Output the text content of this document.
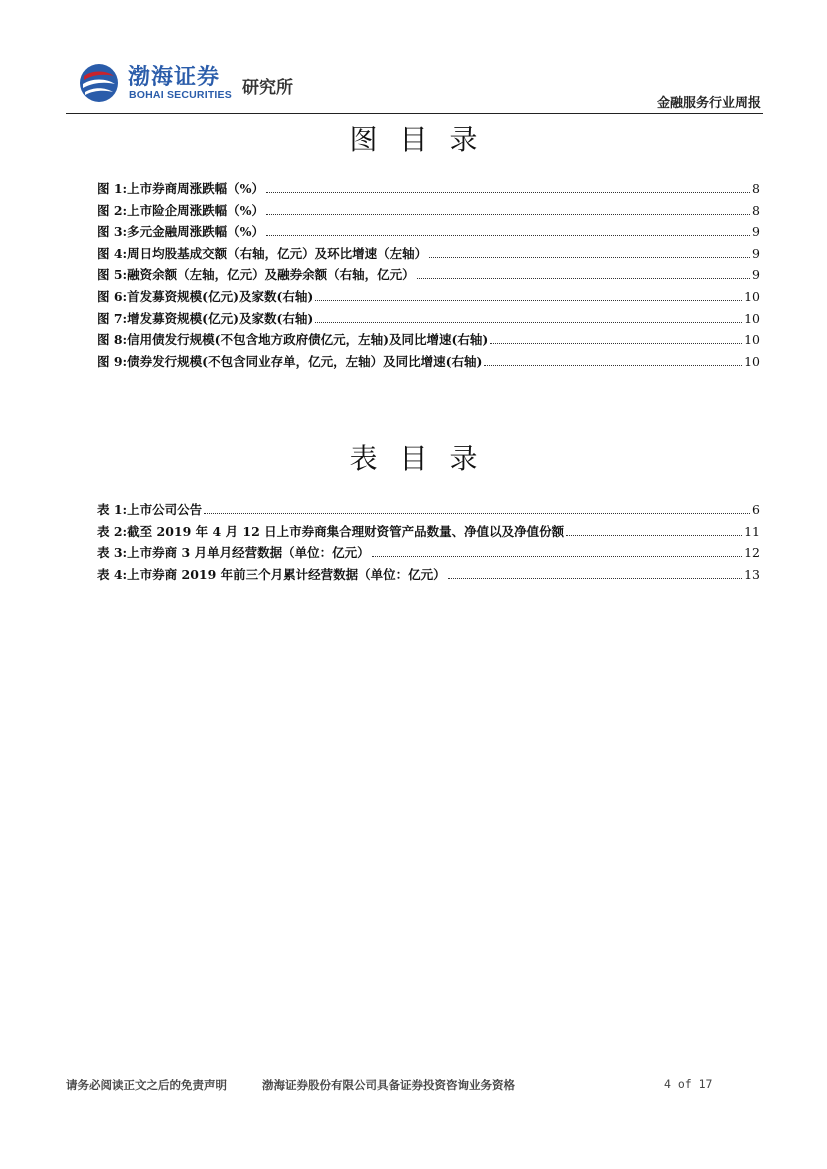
渤海证券
BOHAI SECURITIES 研究所
金融服务行业周报
图目录
图 1: 上市券商周涨跌幅（%）	8
图 2: 上市险企周涨跌幅（%）	8
图 3: 多元金融周涨跌幅（%）	9
图 4: 周日均股基成交额（右轴，亿元）及环比增速（左轴）	9
图 5: 融资余额（左轴，亿元）及融券余额（右轴，亿元）	9
图 6: 首发募资规模(亿元)及家数(右轴)	10
图 7: 增发募资规模(亿元)及家数(右轴)	10
图 8: 信用债发行规模(不包含地方政府债亿元，左轴)及同比增速(右轴)	10
图 9: 债券发行规模(不包含同业存单，亿元，左轴）及同比增速(右轴)	10
表目录
表 1: 上市公司公告	6
表 2: 截至 2019 年 4 月 12 日上市券商集合理财资管产品数量、净值以及净值份额	11
表 3: 上市券商 3 月单月经营数据（单位：亿元）	12
表 4: 上市券商 2019 年前三个月累计经营数据（单位：亿元）	13
请务必阅读正文之后的免责声明	渤海证券股份有限公司具备证券投资咨询业务资格	4 of 17
